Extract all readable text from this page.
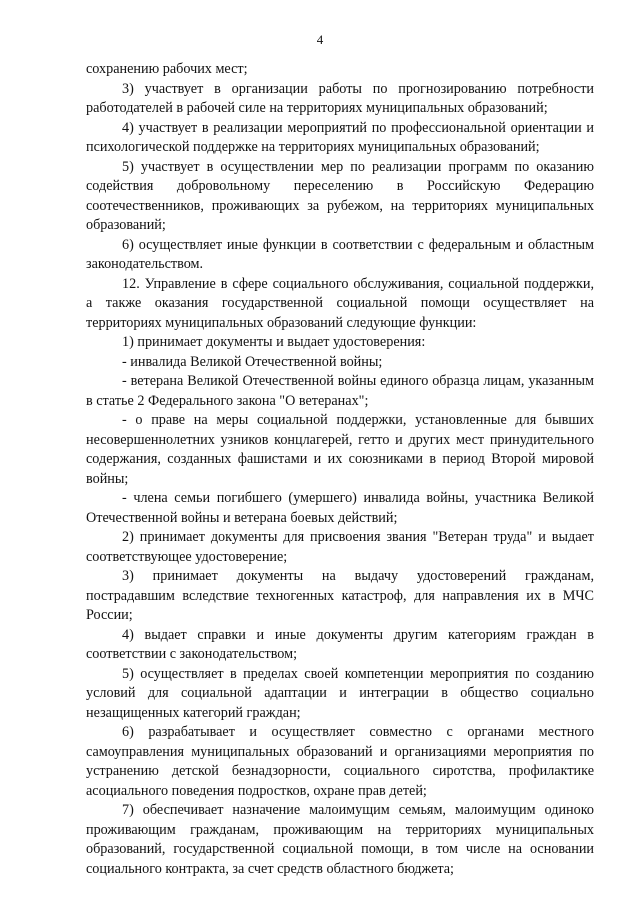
4

сохранению рабочих мест;

3) участвует в организации работы по прогнозированию потребности работодателей в рабочей силе на территориях муниципальных образований;

4) участвует в реализации мероприятий по профессиональной ориентации и психологической поддержке на территориях муниципальных образований;

5) участвует в осуществлении мер по реализации программ по оказанию содействия добровольному переселению в Российскую Федерацию соотечественников, проживающих за рубежом, на территориях муниципальных образований;

6) осуществляет иные функции в соответствии с федеральным и областным законодательством.

12. Управление в сфере социального обслуживания, социальной поддержки, а также оказания государственной социальной помощи осуществляет на территориях муниципальных образований следующие функции:

1) принимает документы и выдает удостоверения:

- инвалида Великой Отечественной войны;

- ветерана Великой Отечественной войны единого образца лицам, указанным в статье 2 Федерального закона "О ветеранах";

- о праве на меры социальной поддержки, установленные для бывших несовершеннолетних узников концлагерей, гетто и других мест принудительного содержания, созданных фашистами и их союзниками в период Второй мировой войны;

- члена семьи погибшего (умершего) инвалида войны, участника Великой Отечественной войны и ветерана боевых действий;

2) принимает документы для присвоения звания "Ветеран труда" и выдает соответствующее удостоверение;

3) принимает документы на выдачу удостоверений гражданам, пострадавшим вследствие техногенных катастроф, для направления их в МЧС России;

4) выдает справки и иные документы другим категориям граждан в соответствии с законодательством;

5) осуществляет в пределах своей компетенции мероприятия по созданию условий для социальной адаптации и интеграции в общество социально незащищенных категорий граждан;

6) разрабатывает и осуществляет совместно с органами местного самоуправления муниципальных образований и организациями мероприятия по устранению детской безнадзорности, социального сиротства, профилактике асоциального поведения подростков, охране прав детей;

7) обеспечивает назначение малоимущим семьям, малоимущим одиноко проживающим гражданам, проживающим на территориях муниципальных образований, государственной социальной помощи, в том числе на основании социального контракта, за счет средств областного бюджета;
